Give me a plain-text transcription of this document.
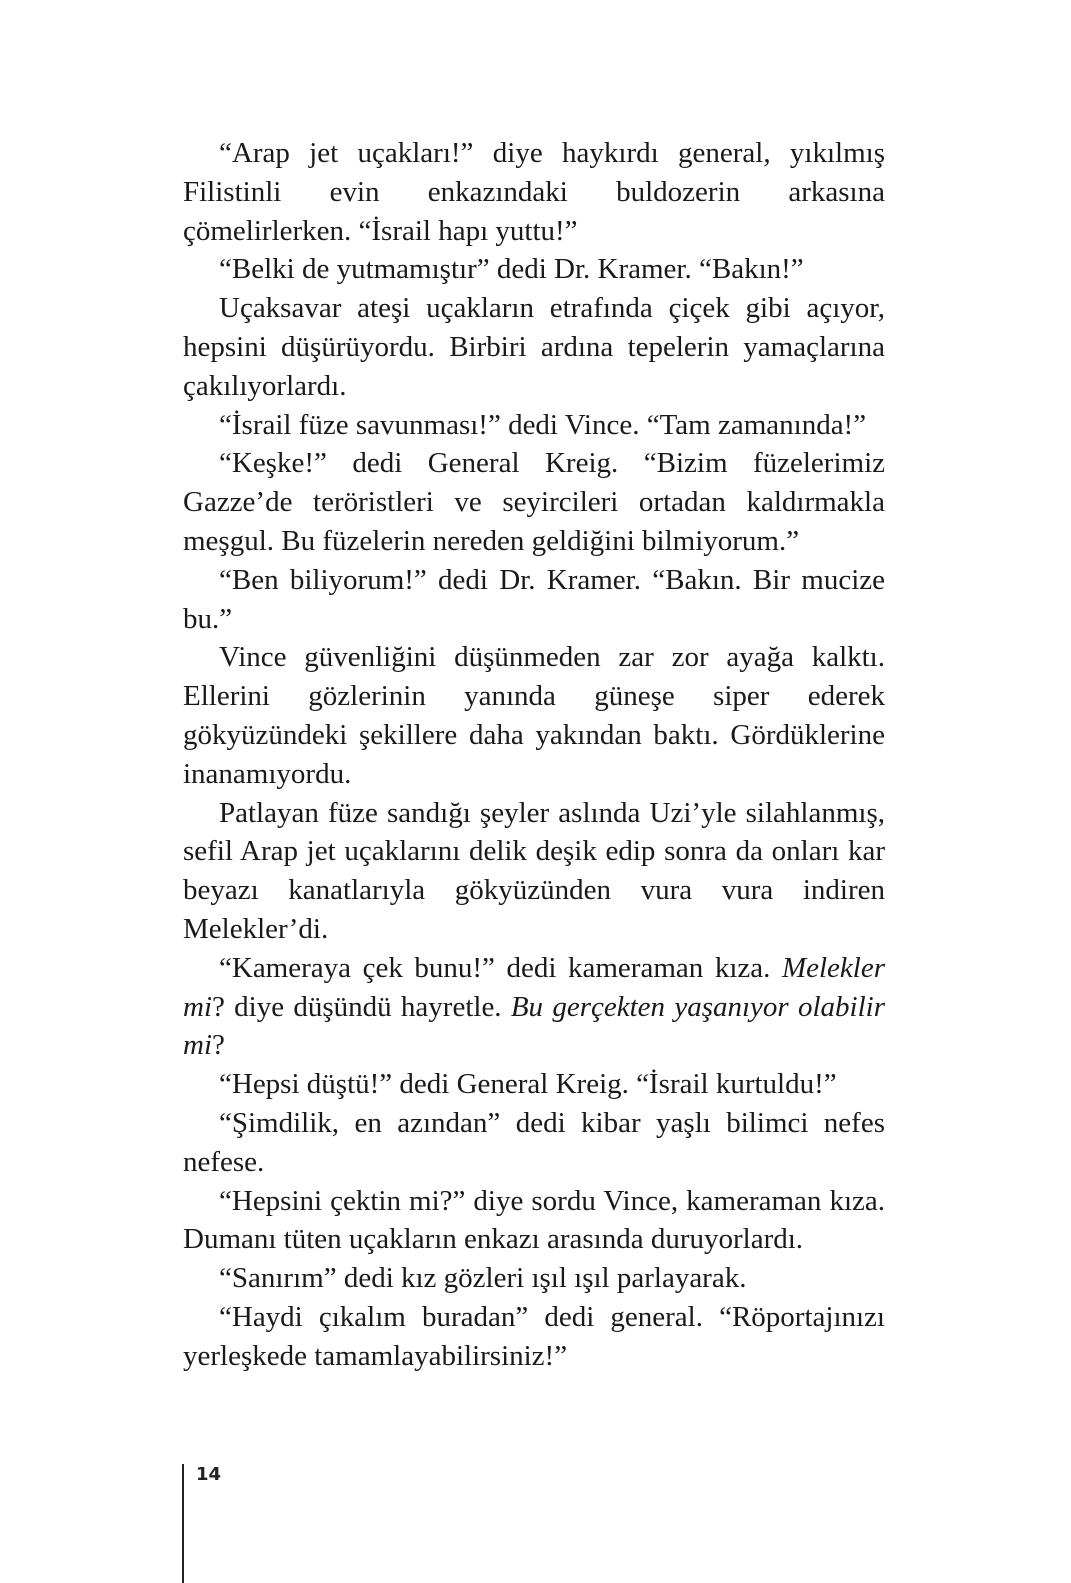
“Arap jet uçakları!” diye haykırdı general, yıkılmış Filistinli evin enkazındaki buldozerin arkasına çömelirlerken. “İsrail hapı yuttu!”

“Belki de yutmamıştır” dedi Dr. Kramer. “Bakın!”

Uçaksavar ateşi uçakların etrafında çiçek gibi açıyor, hepsini düşürüyordu. Birbiri ardına tepelerin yamaçlarına çakılıyorlardı.

“İsrail füze savunması!” dedi Vince. “Tam zamanında!”

“Keşke!” dedi General Kreig. “Bizim füzelerimiz Gazze’de teröristleri ve seyircileri ortadan kaldırmakla meşgul. Bu füzelerin nereden geldiğini bilmiyorum.”

“Ben biliyorum!” dedi Dr. Kramer. “Bakın. Bir mucize bu.”

Vince güvenliğini düşünmeden zar zor ayağa kalktı. Ellerini gözlerinin yanında güneşe siper ederek gökyüzündeki şekillere daha yakından baktı. Gördüklerine inanamıyordu.

Patlayan füze sandığı şeyler aslında Uzi’yle silahlanmış, sefil Arap jet uçaklarını delik deşik edip sonra da onları kar beyazı kanatlarıyla gökyüzünden vura vura indiren Melekler’di.

“Kameraya çek bunu!” dedi kameraman kıza. Melekler mi? diye düşündü hayretle. Bu gerçekten yaşanıyor olabilir mi?

“Hepsi düştü!” dedi General Kreig. “İsrail kurtuldu!”

“Şimdilik, en azından” dedi kibar yaşlı bilimci nefes nefese.

“Hepsini çektin mi?” diye sordu Vince, kameraman kıza. Dumanı tüten uçakların enkazı arasında duruyorlardı.

“Sanırım” dedi kız gözleri ışıl ışıl parlayarak.

“Haydi çıkalım buradan” dedi general. “Röportajınızı yerleşkede tamamlayabilirsiniz!”

14
